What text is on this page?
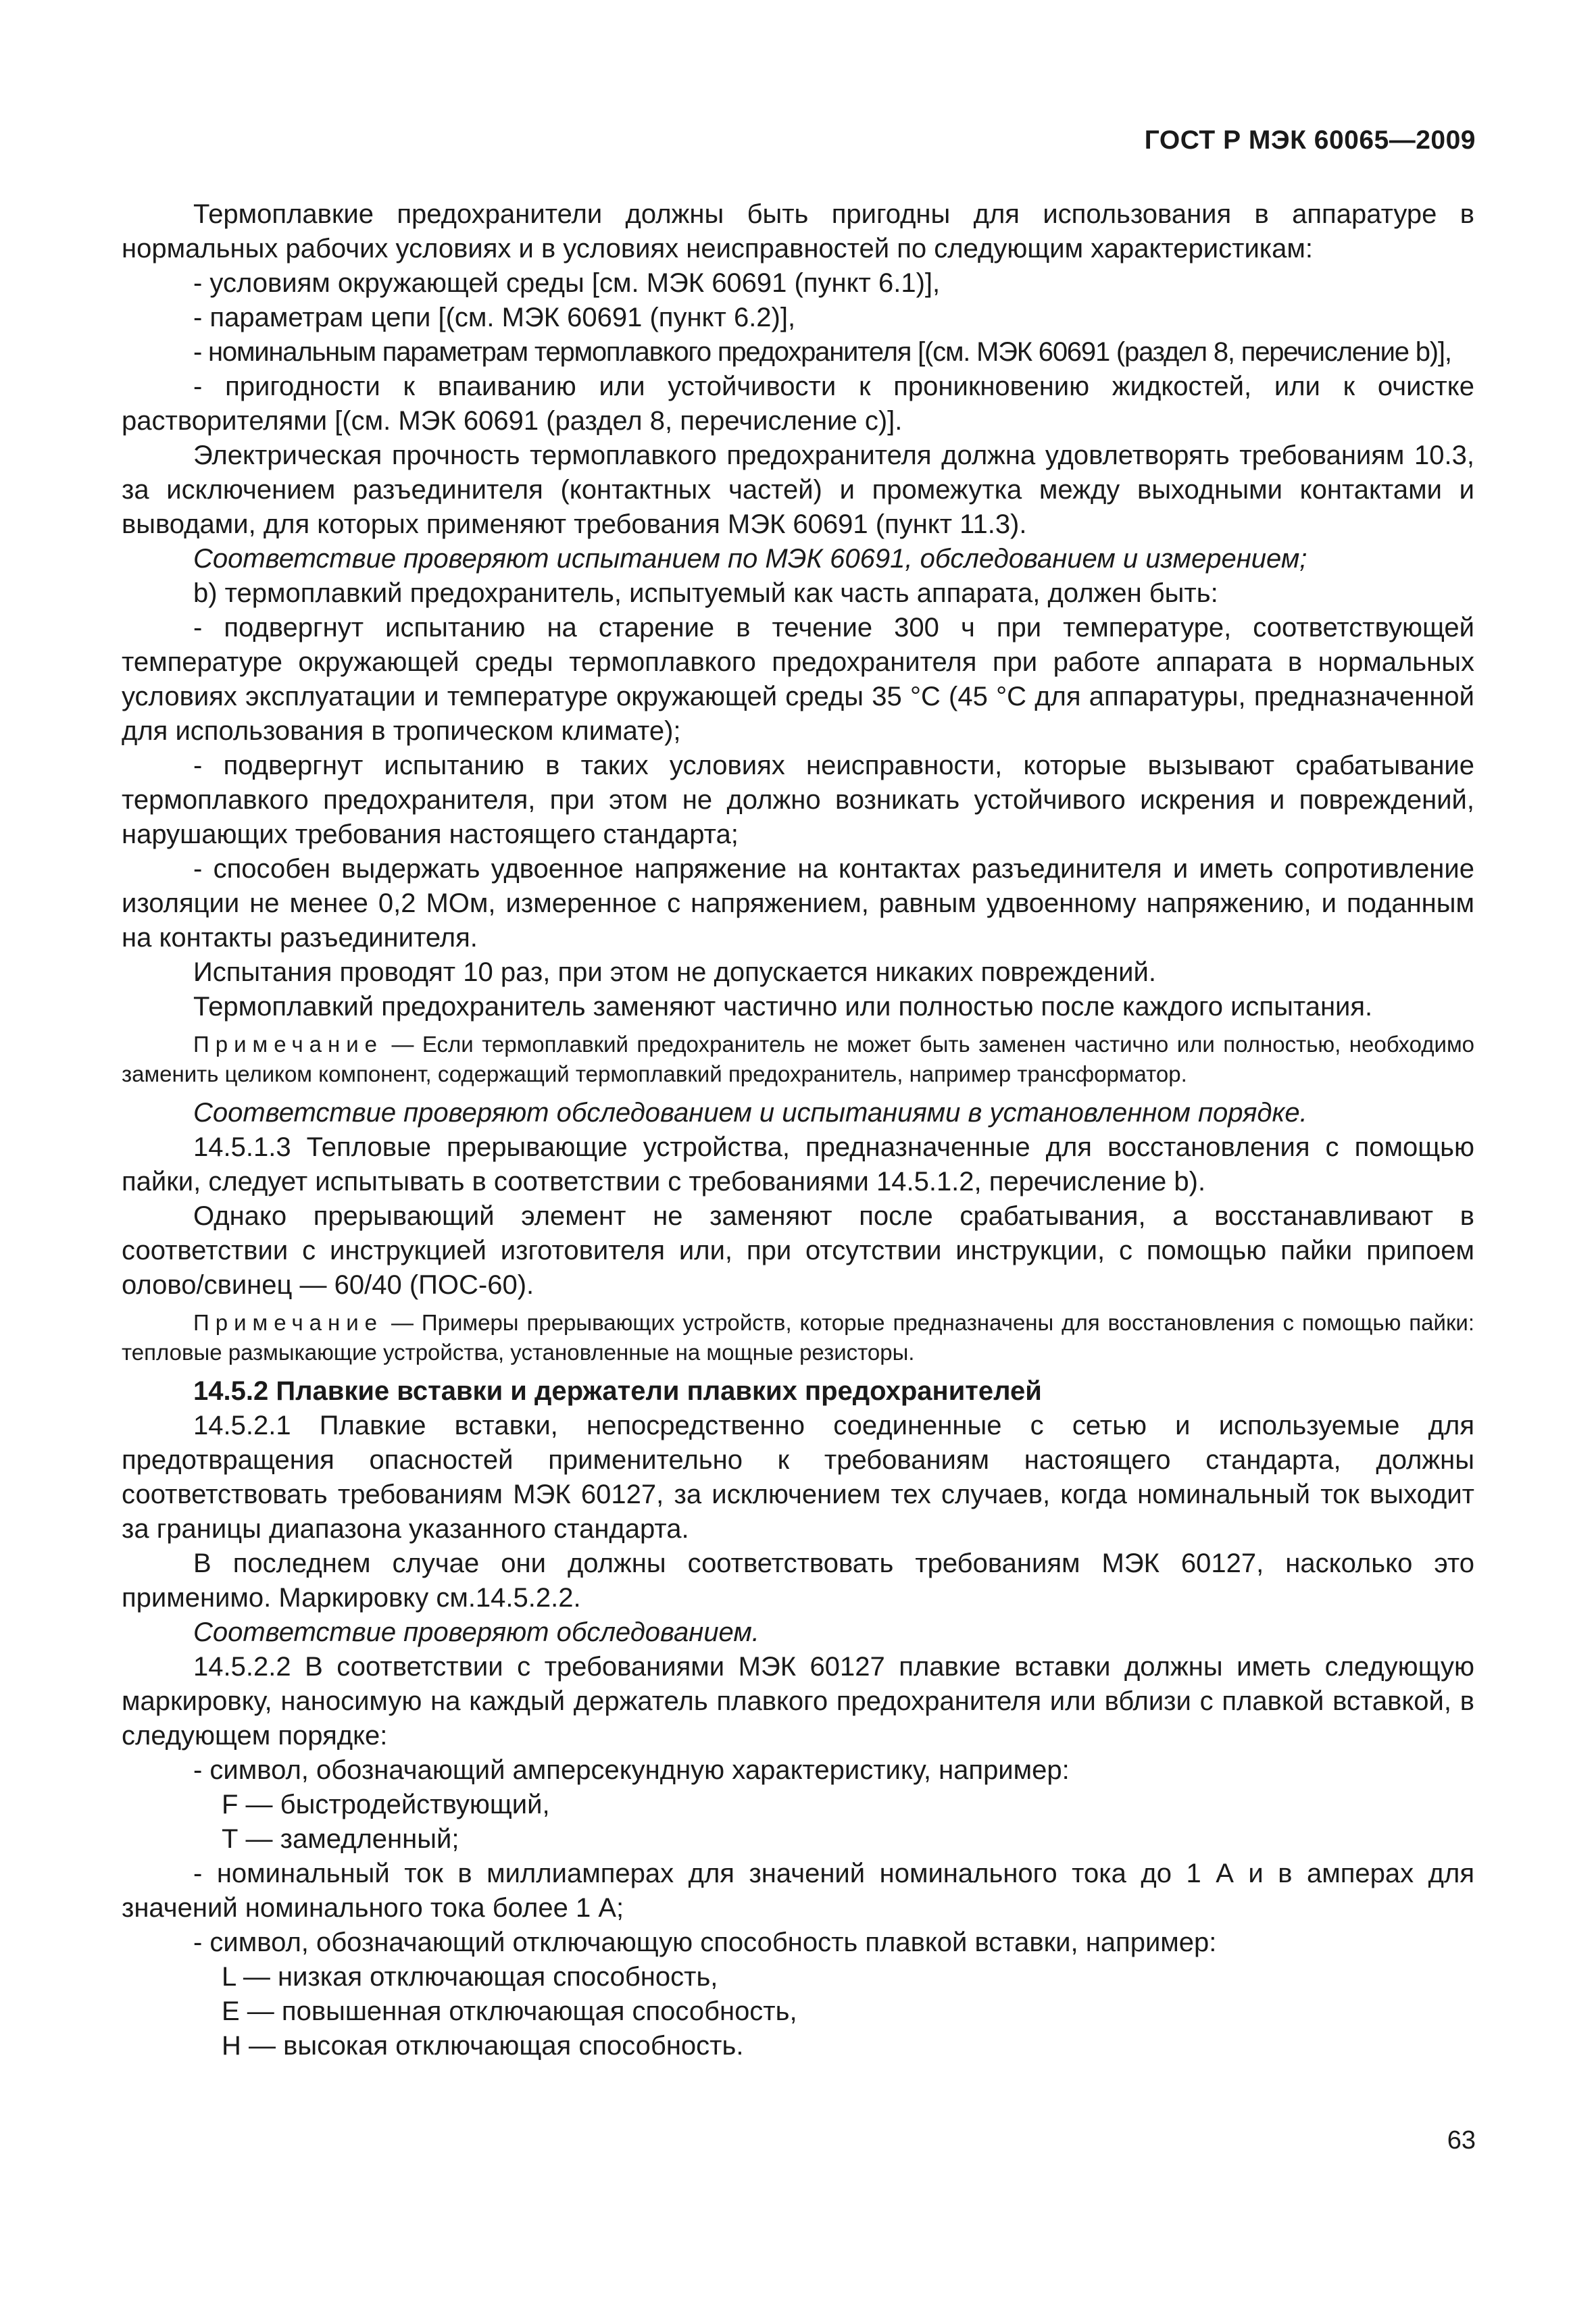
ГОСТ Р МЭК 60065—2009

Термоплавкие предохранители должны быть пригодны для использования в аппаратуре в нормальных рабочих условиях и в условиях неисправностей по следующим характеристикам:

- условиям окружающей среды [см. МЭК 60691 (пункт 6.1)],

- параметрам цепи [(см. МЭК 60691 (пункт 6.2)],

- номинальным параметрам термоплавкого предохранителя [(см. МЭК 60691 (раздел 8, перечисление b)],

- пригодности к впаиванию или устойчивости к проникновению жидкостей, или к очистке растворителями [(см. МЭК 60691 (раздел 8, перечисление с)].

Электрическая прочность термоплавкого предохранителя должна удовлетворять требованиям 10.3, за исключением разъединителя (контактных частей) и промежутка между выходными контактами и выводами, для которых применяют требования МЭК 60691 (пункт 11.3).

Соответствие проверяют испытанием по МЭК 60691, обследованием и измерением;

b) термоплавкий предохранитель, испытуемый как часть аппарата, должен быть:

- подвергнут испытанию на старение в течение 300 ч при температуре, соответствующей температуре окружающей среды термоплавкого предохранителя при работе аппарата в нормальных условиях эксплуатации и температуре окружающей среды 35 °С (45 °С для аппаратуры, предназначенной для использования в тропическом климате);

- подвергнут испытанию в таких условиях неисправности, которые вызывают срабатывание термоплавкого предохранителя, при этом не должно возникать устойчивого искрения и повреждений, нарушающих требования настоящего стандарта;

- способен выдержать удвоенное напряжение на контактах разъединителя и иметь сопротивление изоляции не менее 0,2 МОм, измеренное с напряжением, равным удвоенному напряжению, и поданным на контакты разъединителя.

Испытания проводят 10 раз, при этом не допускается никаких повреждений.

Термоплавкий предохранитель заменяют частично или полностью после каждого испытания.

Примечание — Если термоплавкий предохранитель не может быть заменен частично или полностью, необходимо заменить целиком компонент, содержащий термоплавкий предохранитель, например трансформатор.

Соответствие проверяют обследованием и испытаниями в установленном порядке.

14.5.1.3 Тепловые прерывающие устройства, предназначенные для восстановления с помощью пайки, следует испытывать в соответствии с требованиями 14.5.1.2, перечисление b).

Однако прерывающий элемент не заменяют после срабатывания, а восстанавливают в соответствии с инструкцией изготовителя или, при отсутствии инструкции, с помощью пайки припоем олово/свинец — 60/40 (ПОС-60).

Примечание — Примеры прерывающих устройств, которые предназначены для восстановления с помощью пайки: тепловые размыкающие устройства, установленные на мощные резисторы.

14.5.2 Плавкие вставки и держатели плавких предохранителей

14.5.2.1 Плавкие вставки, непосредственно соединенные с сетью и используемые для предотвращения опасностей применительно к требованиям настоящего стандарта, должны соответствовать требованиям МЭК 60127, за исключением тех случаев, когда номинальный ток выходит за границы диапазона указанного стандарта.

В последнем случае они должны соответствовать требованиям МЭК 60127, насколько это применимо. Маркировку см.14.5.2.2.

Соответствие проверяют обследованием.

14.5.2.2 В соответствии с требованиями МЭК 60127 плавкие вставки должны иметь следующую маркировку, наносимую на каждый держатель плавкого предохранителя или вблизи с плавкой вставкой, в следующем порядке:

- символ, обозначающий амперсекундную характеристику, например:

F — быстродействующий,

Т — замедленный;

- номинальный ток в миллиамперах для значений номинального тока до 1 А и в амперах для значений номинального тока более 1 А;

- символ, обозначающий отключающую способность плавкой вставки, например:

L — низкая отключающая способность,

Е — повышенная отключающая способность,

Н — высокая отключающая способность.

63
